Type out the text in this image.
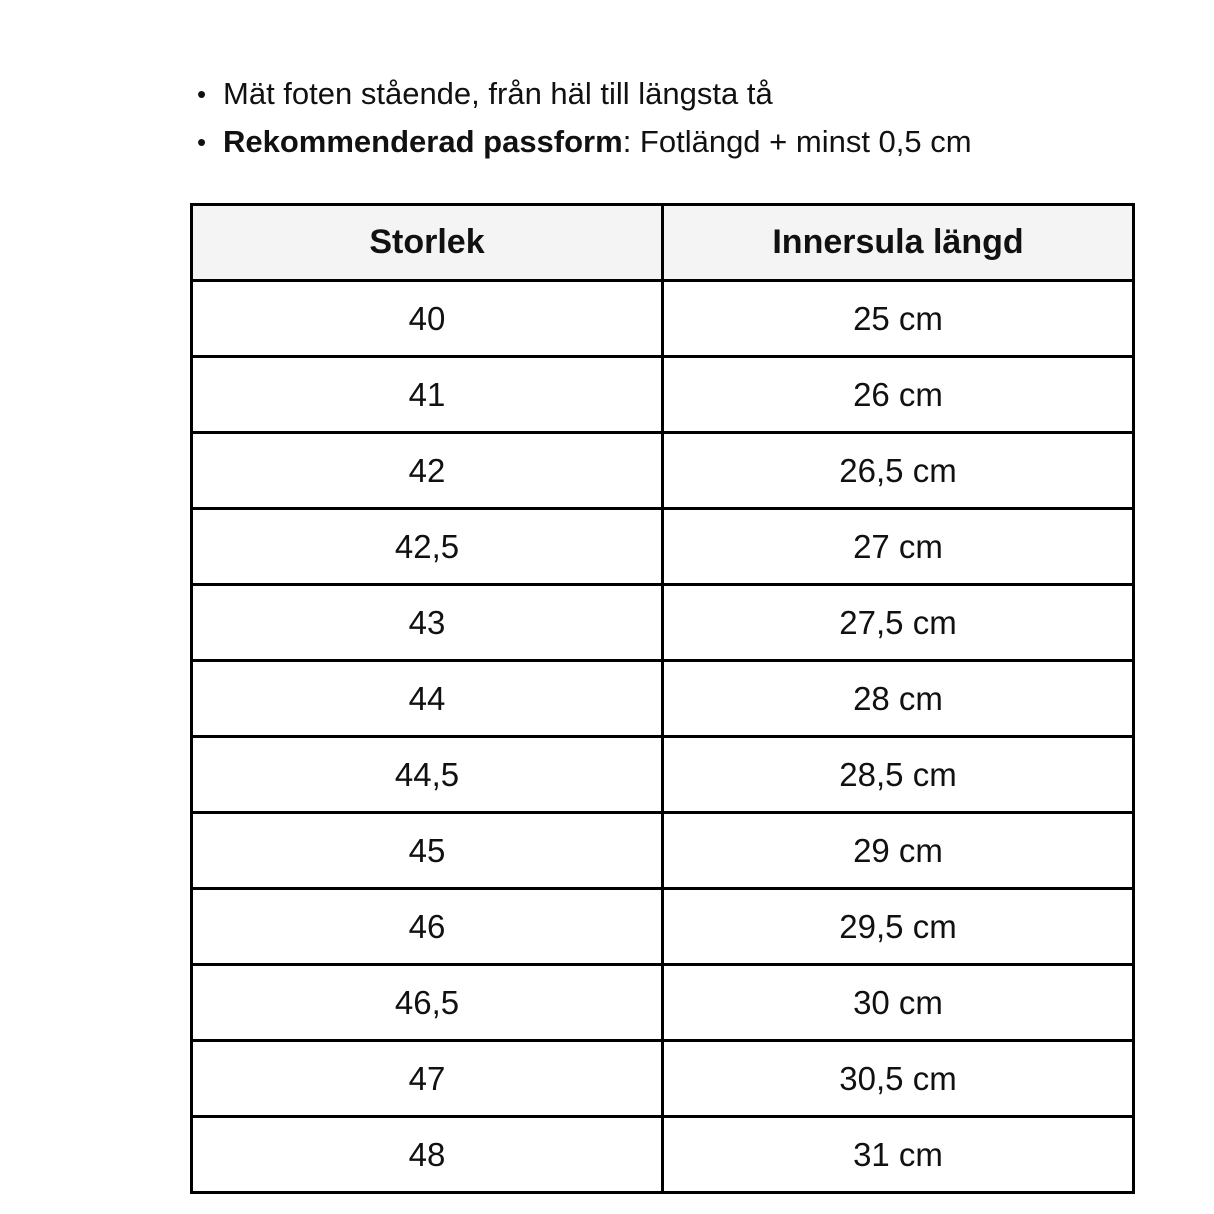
• Mät foten stående, från häl till längsta tå
• Rekommenderad passform: Fotlängd + minst 0,5 cm
Storlek	Innersula längd
40	25 cm
41	26 cm
42	26,5 cm
42,5	27 cm
43	27,5 cm
44	28 cm
44,5	28,5 cm
45	29 cm
46	29,5 cm
46,5	30 cm
47	30,5 cm
48	31 cm
